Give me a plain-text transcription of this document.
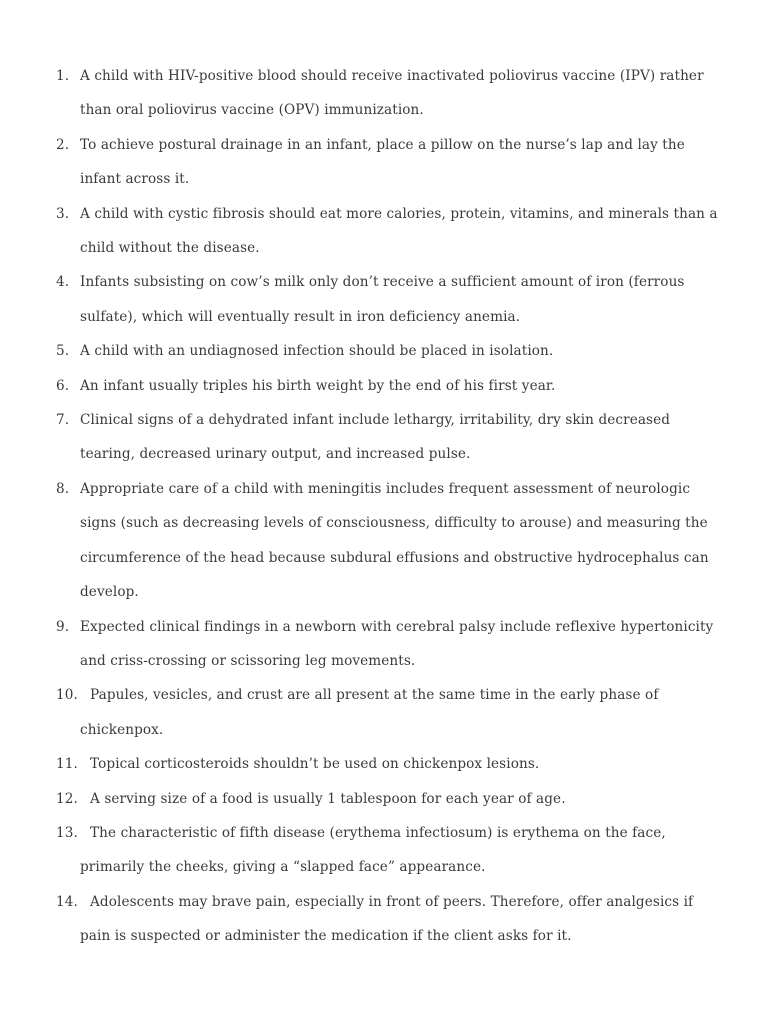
1. A child with HIV-positive blood should receive inactivated poliovirus vaccine (IPV) rather than oral poliovirus vaccine (OPV) immunization.
2. To achieve postural drainage in an infant, place a pillow on the nurse’s lap and lay the infant across it.
3. A child with cystic fibrosis should eat more calories, protein, vitamins, and minerals than a child without the disease.
4. Infants subsisting on cow’s milk only don’t receive a sufficient amount of iron (ferrous sulfate), which will eventually result in iron deficiency anemia.
5. A child with an undiagnosed infection should be placed in isolation.
6. An infant usually triples his birth weight by the end of his first year.
7. Clinical signs of a dehydrated infant include lethargy, irritability, dry skin decreased tearing, decreased urinary output, and increased pulse.
8. Appropriate care of a child with meningitis includes frequent assessment of neurologic signs (such as decreasing levels of consciousness, difficulty to arouse) and measuring the circumference of the head because subdural effusions and obstructive hydrocephalus can develop.
9. Expected clinical findings in a newborn with cerebral palsy include reflexive hypertonicity and criss-crossing or scissoring leg movements.
10. Papules, vesicles, and crust are all present at the same time in the early phase of chickenpox.
11. Topical corticosteroids shouldn’t be used on chickenpox lesions.
12. A serving size of a food is usually 1 tablespoon for each year of age.
13. The characteristic of fifth disease (erythema infectiosum) is erythema on the face, primarily the cheeks, giving a “slapped face” appearance.
14. Adolescents may brave pain, especially in front of peers. Therefore, offer analgesics if pain is suspected or administer the medication if the client asks for it.
